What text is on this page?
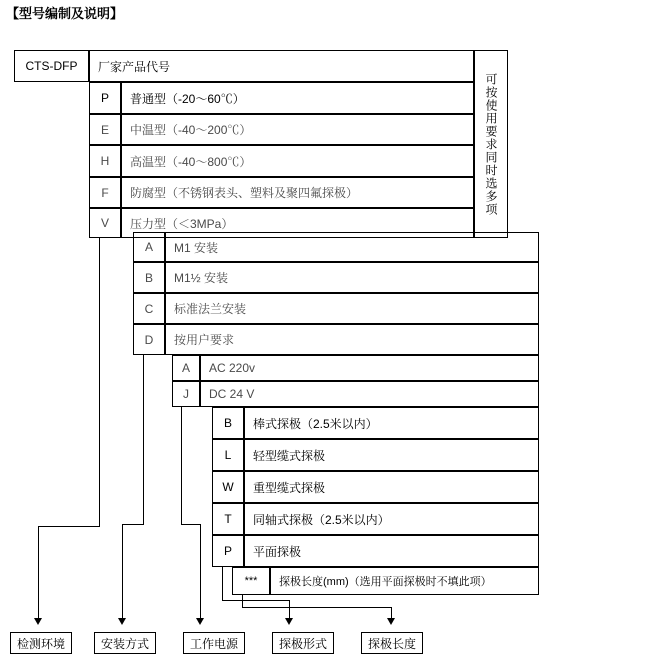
【型号编制及说明】
CTS-DFP 厂家产品代号
可按使用要求同时选多项
P 普通型（-20～60℃）
E 中温型（-40～200℃）
H 高温型（-40～800℃）
F 防腐型（不锈钢表头、塑料及聚四氟探极）
V 压力型（＜3MPa）
A M1 安装
B M1½ 安装
C 标准法兰安装
D 按用户要求
A AC 220v
J DC 24 V
B 棒式探极（2.5米以内）
L 轻型缆式探极
W 重型缆式探极
T 同轴式探极（2.5米以内）
P 平面探极
*** 探极长度(mm)（选用平面探极时不填此项）
检测环境	安装方式	工作电源	探极形式	探极长度
